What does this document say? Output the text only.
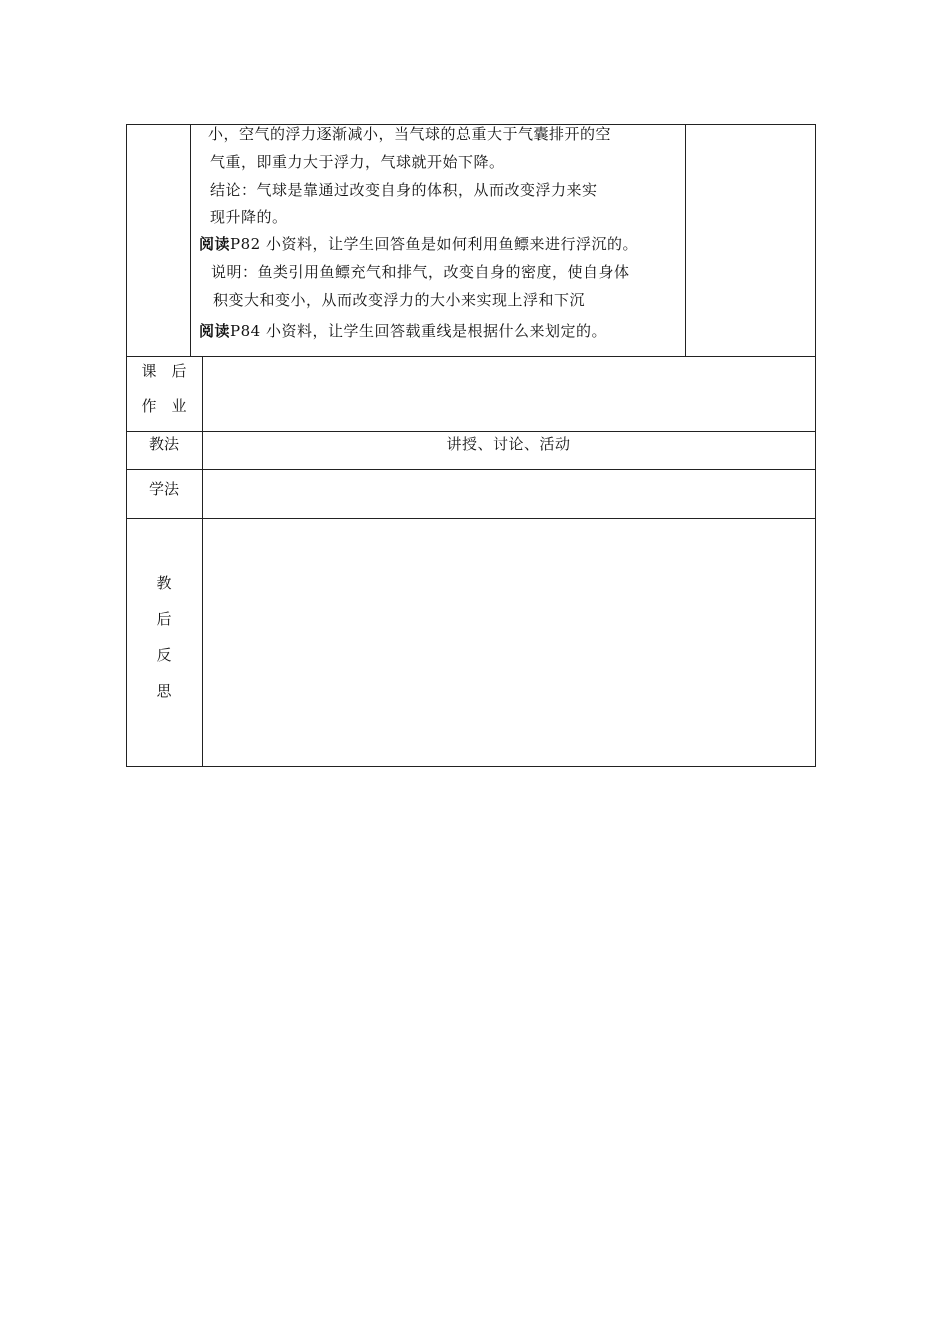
小，空气的浮力逐渐减小，当气球的总重大于气囊排开的空
气重，即重力大于浮力，气球就开始下降。
结论：气球是靠通过改变自身的体积，从而改变浮力来实
现升降的。
阅读P82 小资料，让学生回答鱼是如何利用鱼鳔来进行浮沉的。
说明：鱼类引用鱼鳔充气和排气，改变自身的密度，使自身体
积变大和变小，从而改变浮力的大小来实现上浮和下沉
阅读P84 小资料，让学生回答载重线是根据什么来划定的。
课　后
作　业
教法	讲授、讨论、活动
学法
教
后
反
思
